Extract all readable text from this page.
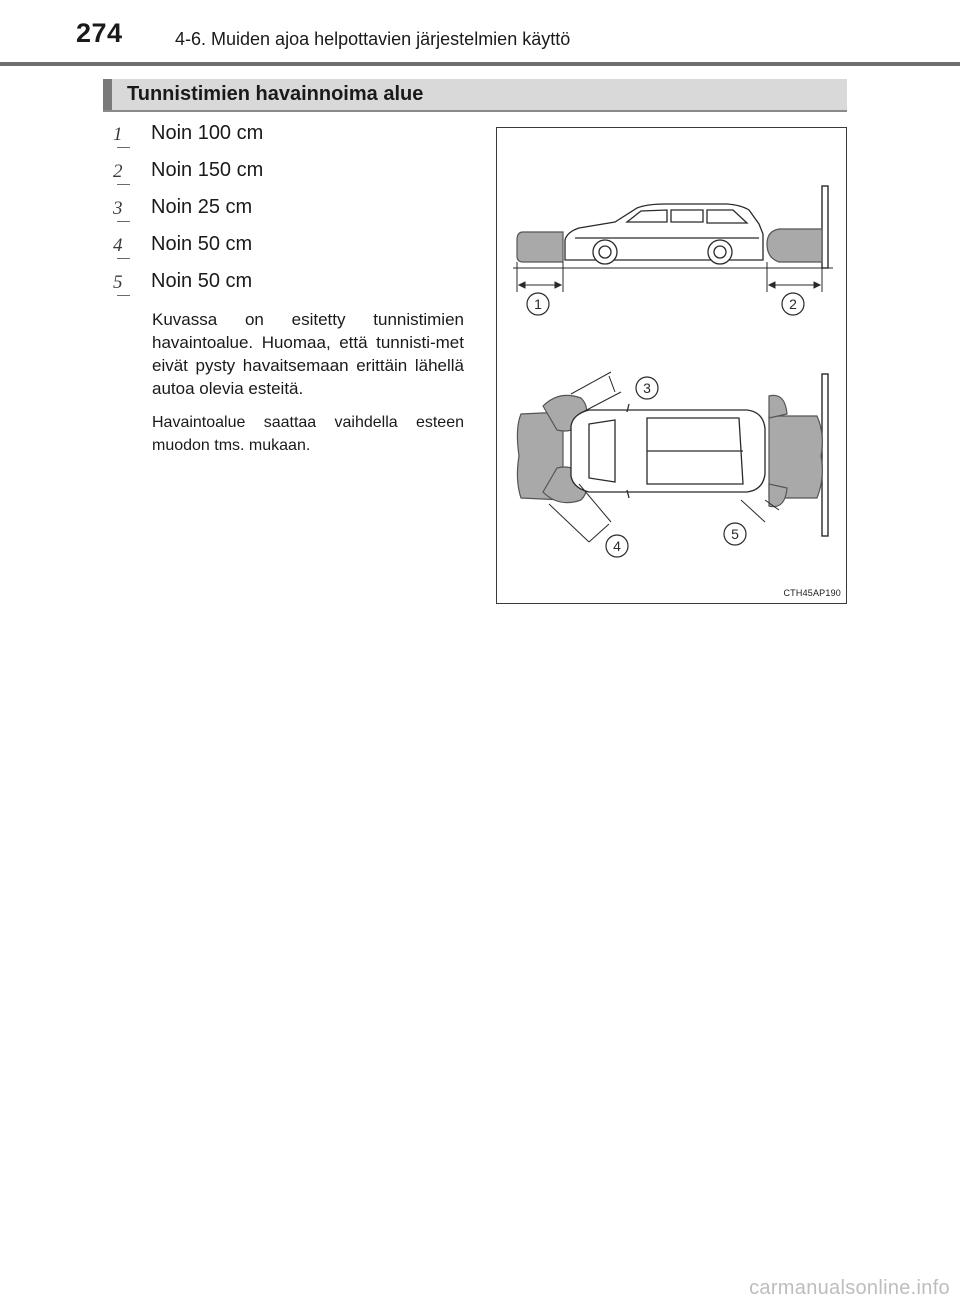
274	4-6. Muiden ajoa helpottavien järjestelmien käyttö
Tunnistimien havainnoima alue
1	Noin 100 cm
2	Noin 150 cm
3	Noin 25 cm
4	Noin 50 cm
5	Noin 50 cm

Kuvassa on esitetty tunnistimien havaintoalue. Huomaa, että tunnisti-met eivät pysty havaitsemaan erittäin lähellä autoa olevia esteitä.

Havaintoalue saattaa vaihdella esteen muodon tms. mukaan.

1	2
3
4
5
CTH45AP190
carmanualsonline.info
